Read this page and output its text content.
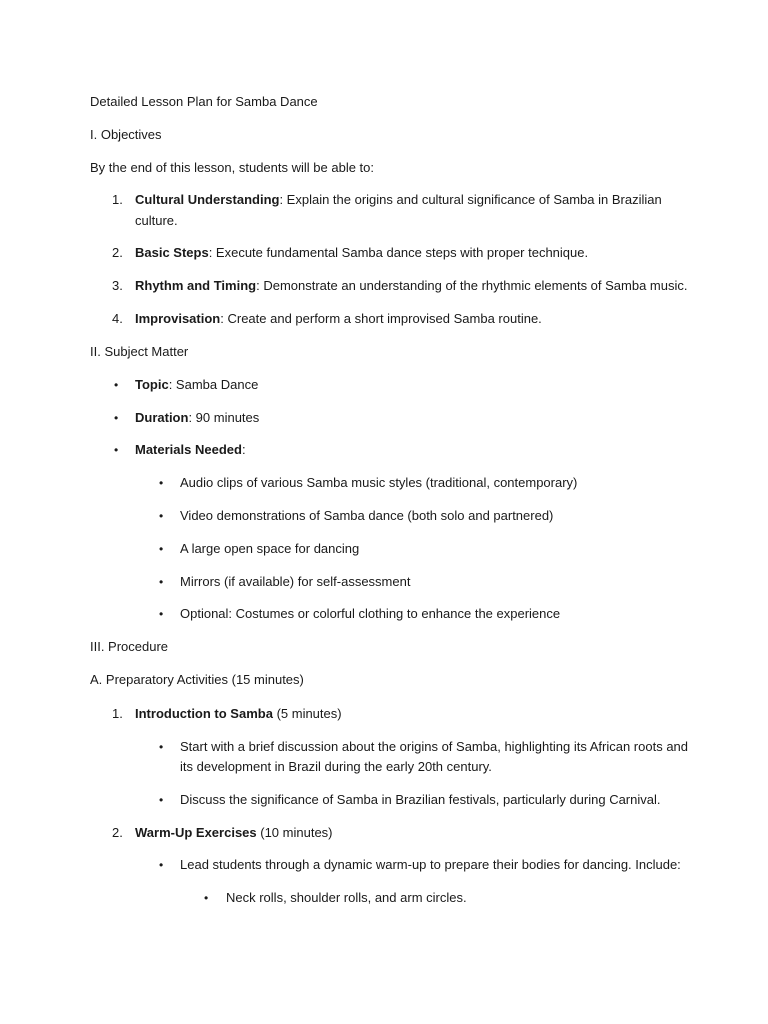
Detailed Lesson Plan for Samba Dance
I. Objectives
By the end of this lesson, students will be able to:
1. Cultural Understanding: Explain the origins and cultural significance of Samba in Brazilian
culture.
2. Basic Steps: Execute fundamental Samba dance steps with proper technique.
3. Rhythm and Timing: Demonstrate an understanding of the rhythmic elements of Samba music.
4. Improvisation: Create and perform a short improvised Samba routine.
II. Subject Matter
• Topic: Samba Dance
• Duration: 90 minutes
• Materials Needed:
• Audio clips of various Samba music styles (traditional, contemporary)
• Video demonstrations of Samba dance (both solo and partnered)
• A large open space for dancing
• Mirrors (if available) for self-assessment
• Optional: Costumes or colorful clothing to enhance the experience
III. Procedure
A. Preparatory Activities (15 minutes)
1. Introduction to Samba (5 minutes)
• Start with a brief discussion about the origins of Samba, highlighting its African roots and
its development in Brazil during the early 20th century.
• Discuss the significance of Samba in Brazilian festivals, particularly during Carnival.
2. Warm-Up Exercises (10 minutes)
• Lead students through a dynamic warm-up to prepare their bodies for dancing. Include:
• Neck rolls, shoulder rolls, and arm circles.
